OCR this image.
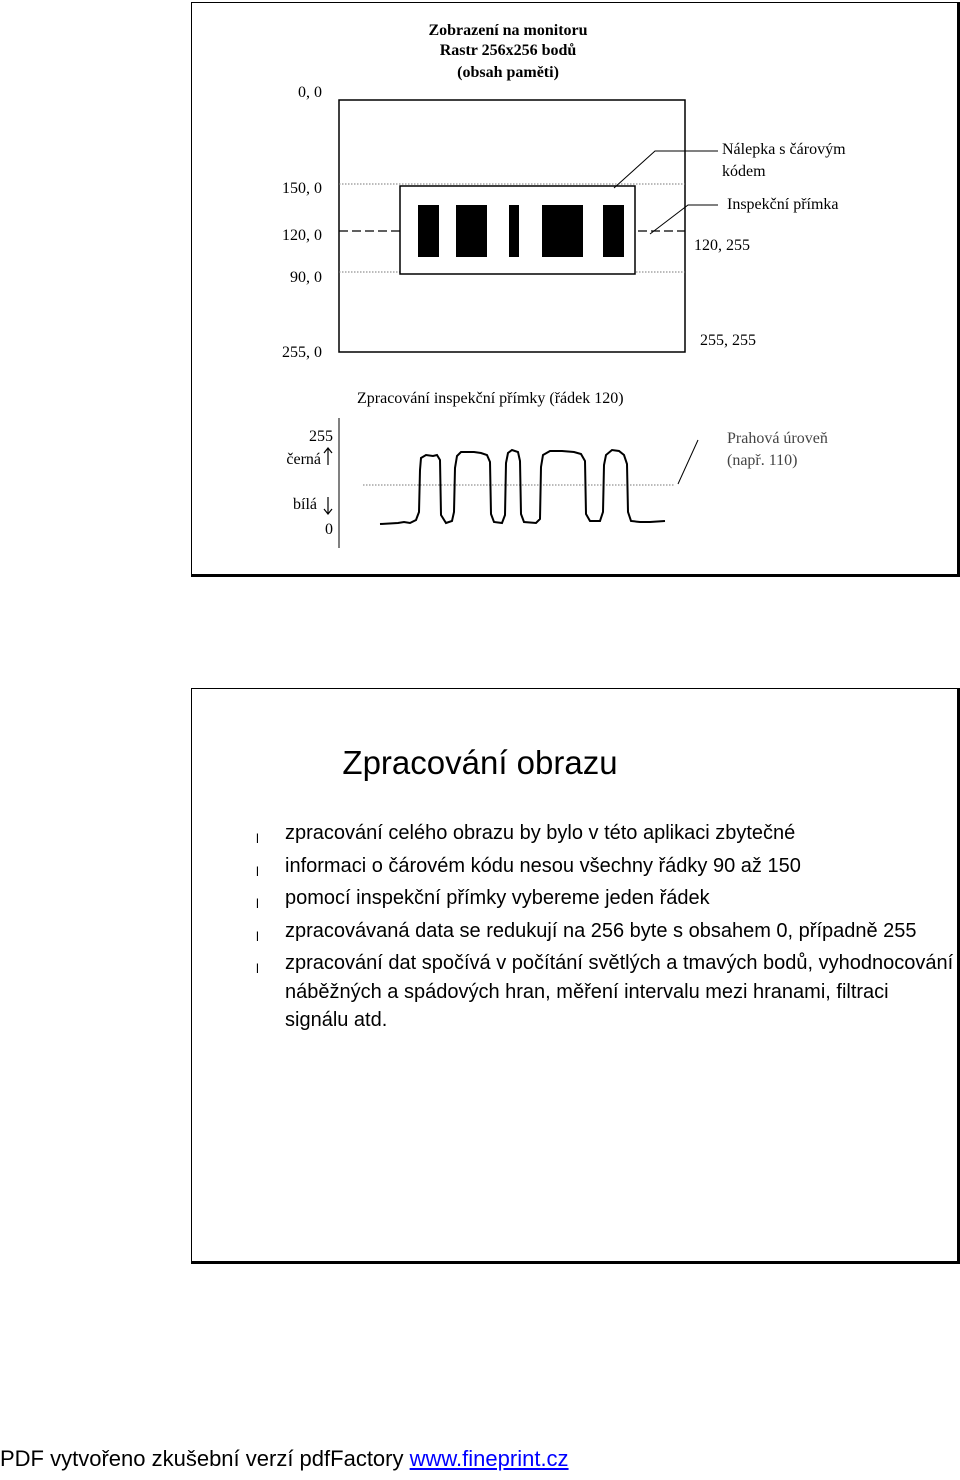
Zobrazení na monitoru
Rastr 256x256 bodů
(obsah paměti)
0, 0
150, 0
120, 0
90, 0
255, 0
255, 255
120, 255
Nálepka s čárovým
kódem
Inspekční přímka
Zpracování inspekční přímky (řádek 120)
255
černá
bílá
0
Prahová úroveň
(např. 110)
Zpracování obrazu
l zpracování celého obrazu by bylo v této aplikaci zbytečné
l informaci o čárovém kódu nesou všechny řádky 90 až 150
l pomocí inspekční přímky vybereme jeden řádek
l zpracovávaná data se redukují na 256 byte s obsahem 0, případně 255
l zpracování dat spočívá v počítání světlých a tmavých bodů, vyhodnocování náběžných a spádových hran, měření intervalu mezi hranami, filtraci signálu atd.
PDF vytvořeno zkušební verzí pdfFactory www.fineprint.cz
